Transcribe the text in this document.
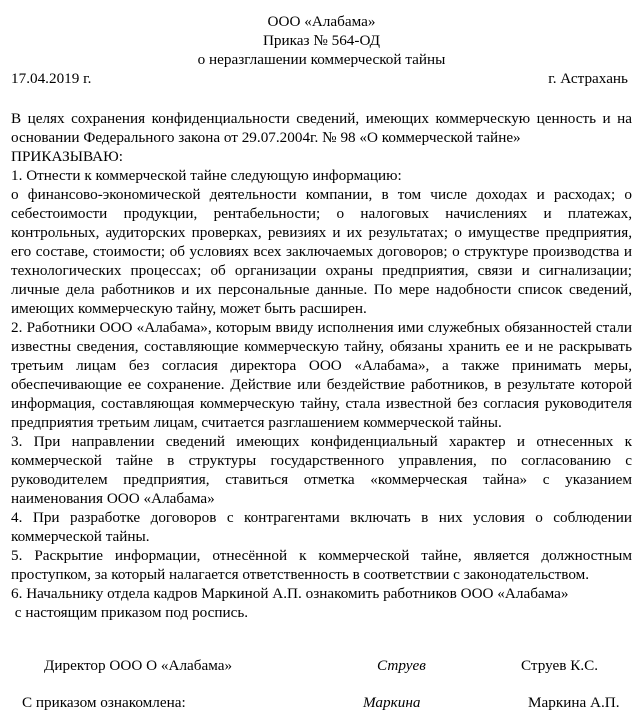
ООО «Алабама»
Приказ № 564-ОД
о неразглашении коммерческой тайны
17.04.2019 г.	г. Астрахань

В целях сохранения конфиденциальности сведений, имеющих коммерческую ценность и на основании Федерального закона от 29.07.2004г. № 98 «О коммерческой тайне»

ПРИКАЗЫВАЮ:

1. Отнести к коммерческой тайне следующую информацию:

о финансово-экономической деятельности компании, в том числе доходах и расходах; о себестоимости продукции, рентабельности; о налоговых начислениях и платежах, контрольных, аудиторских проверках, ревизиях и их результатах; о имуществе предприятия, его составе, стоимости; об условиях всех заключаемых договоров; о структуре производства и технологических процессах; об организации охраны предприятия, связи и сигнализации; личные дела работников и их персональные данные. По мере надобности список сведений, имеющих коммерческую тайну, может быть расширен.

2. Работники ООО «Алабама», которым ввиду исполнения ими служебных обязанностей стали известны сведения, составляющие коммерческую тайну, обязаны хранить ее и не раскрывать третьим лицам без согласия директора ООО «Алабама», а также принимать меры, обеспечивающие ее сохранение. Действие или бездействие работников, в результате которой информация, составляющая коммерческую тайну, стала известной без согласия руководителя предприятия третьим лицам, считается разглашением коммерческой тайны.

3. При направлении сведений имеющих конфиденциальный характер и отнесенных к коммерческой тайне в структуры государственного управления, по согласованию с руководителем предприятия, ставиться отметка «коммерческая тайна» с указанием наименования ООО «Алабама»

4. При разработке договоров с контрагентами включать в них условия о соблюдении коммерческой тайны.

5. Раскрытие информации, отнесённой к коммерческой тайне, является должностным проступком, за который налагается ответственность в соответствии с законодательством.

6. Начальнику отдела кадров Маркиной А.П. ознакомить работников ООО «Алабама»

с настоящим приказом под роспись.

Директор ООО О «Алабама»	Струев	Струев К.С.
С приказом ознакомлена:	Маркина	Маркина А.П.
